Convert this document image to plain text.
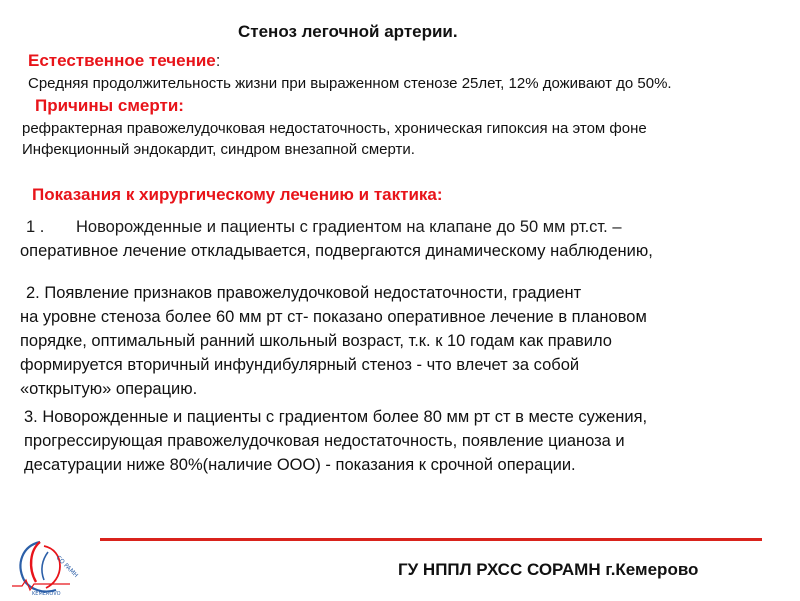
Стеноз легочной артерии.
Естественное течение:
Средняя продолжительность жизни при выраженном стенозе 25лет, 12% доживают до 50%.
Причины смерти:
рефрактерная правожелудочковая недостаточность, хроническая гипоксия на этом фоне
Инфекционный эндокардит, синдром внезапной смерти.
Показания к хирургическому лечению и тактика:
1 . Новорожденные и пациенты с градиентом на клапане до 50 мм рт.ст. –
оперативное лечение откладывается, подвергаются динамическому наблюдению,
2. Появление признаков правожелудочковой недостаточности, градиент
на уровне стеноза более 60 мм рт ст- показано оперативное лечение в плановом
порядке, оптимальный ранний школьный возраст, т.к. к 10 годам как правило
формируется вторичный инфундибулярный стеноз - что влечет за собой
«открытую» операцию.
3. Новорожденные и пациенты с градиентом более 80 мм рт ст в месте сужения,
прогрессирующая правожелудочковая недостаточность, появление цианоза и
десатурации ниже 80%(наличие ООО) - показания к срочной операции.
CO PAMH
KEMEROVO
ГУ НППЛ РХСС СОРАМН г.Кемерово
